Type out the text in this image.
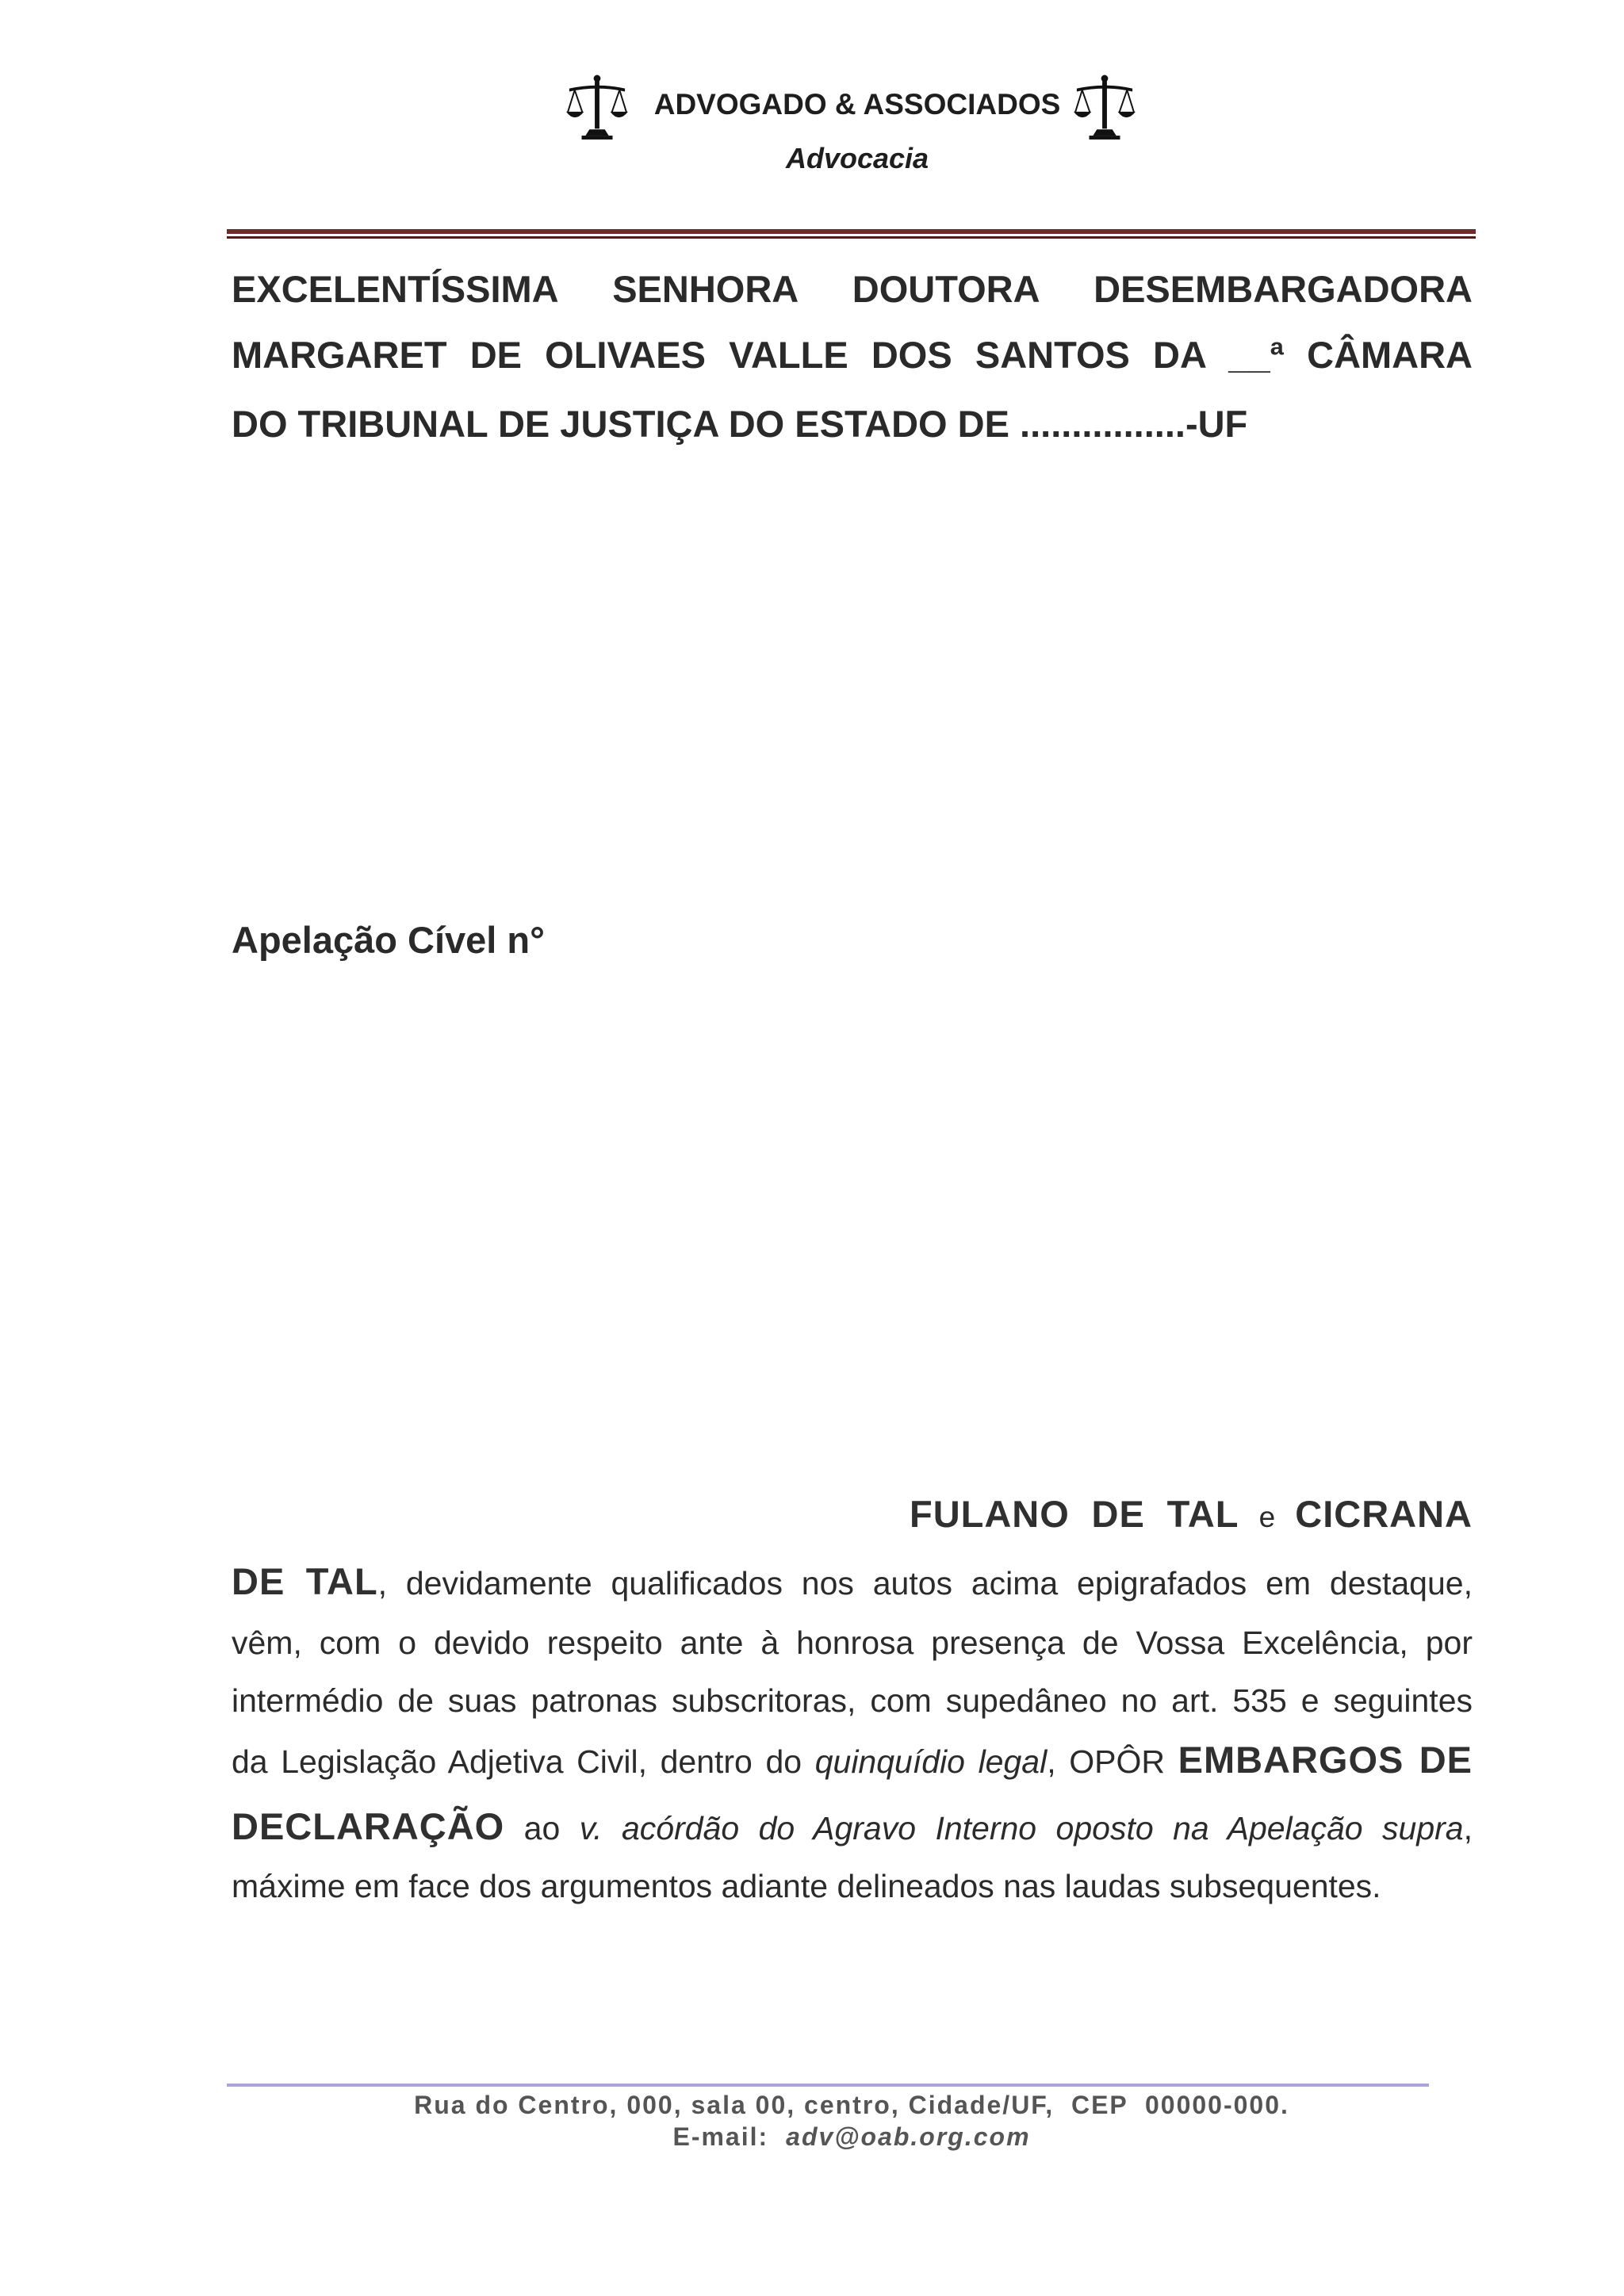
ADVOGADO & ASSOCIADOS
Advocacia
EXCELENTÍSSIMA SENHORA DOUTORA DESEMBARGADORA
MARGARET DE OLIVAES VALLE DOS SANTOS DA __ª CÂMARA
DO TRIBUNAL DE JUSTIÇA DO ESTADO DE ................-UF
Apelação Cível n°
FULANO DE TAL e CICRANA
DE TAL, devidamente qualificados nos autos acima epigrafados em destaque,
vêm, com o devido respeito ante à honrosa presença de Vossa Excelência, por
intermédio de suas patronas subscritoras, com supedâneo no art. 535 e seguintes
da Legislação Adjetiva Civil, dentro do quinquídio legal, OPÔR EMBARGOS DE
DECLARAÇÃO ao v. acórdão do Agravo Interno oposto na Apelação supra,
máxime em face dos argumentos adiante delineados nas laudas subsequentes.
Rua do Centro, 000, sala 00, centro, Cidade/UF,  CEP  00000-000.
E-mail: adv@oab.org.com
